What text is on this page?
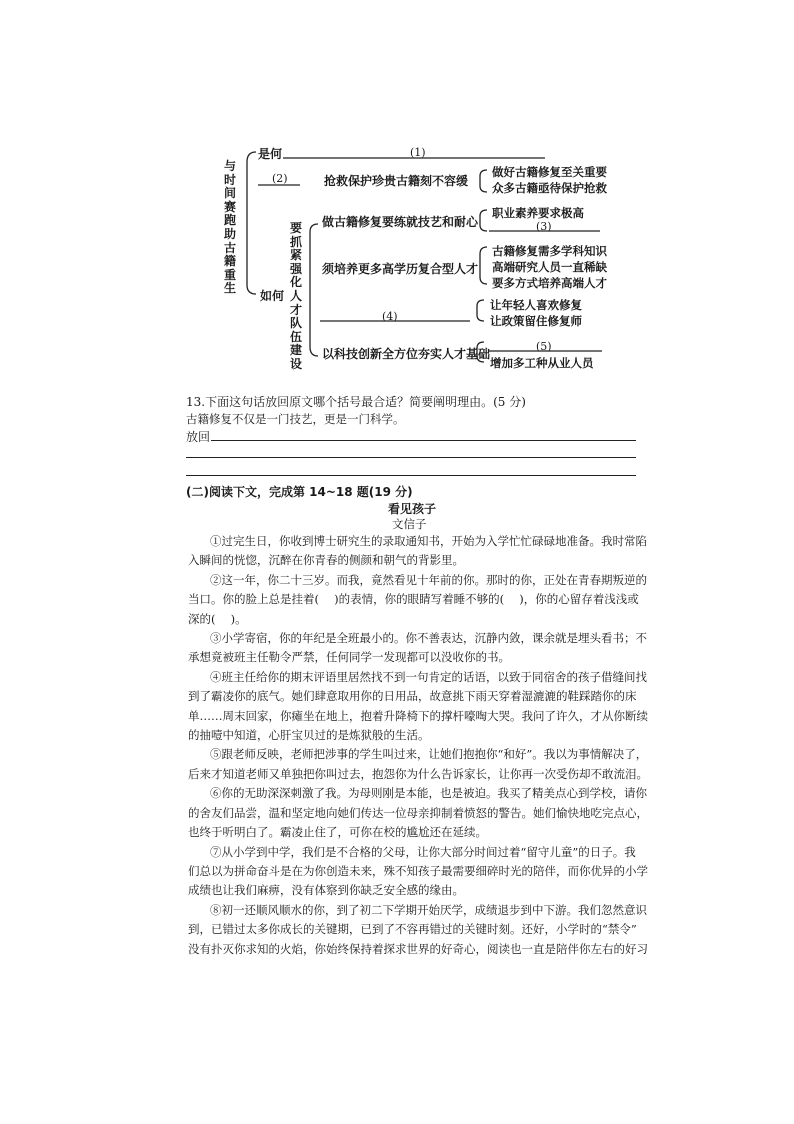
与时间赛跑助古籍重生
是何	(1)
(2)	抢救保护珍贵古籍刻不容缓
做好古籍修复至关重要
众多古籍亟待保护抢救
要抓紧强化人才队伍建设
如何
做古籍修复要练就技艺和耐心
职业素养要求极高
(3)
须培养更多高学历复合型人才
古籍修复需多学科知识
高端研究人员一直稀缺
要多方式培养高端人才
(4)
让年轻人喜欢修复
让政策留住修复师
以科技创新全方位夯实人才基础
(5)
增加多工种从业人员
13.下面这句话放回原文哪个括号最合适？简要阐明理由。(5 分)
古籍修复不仅是一门技艺，更是一门科学。
放回
(二)阅读下文，完成第 14~18 题(19 分)
看见孩子
文信子
①过完生日，你收到博士研究生的录取通知书，开始为入学忙忙碌碌地准备。我时常陷
入瞬间的恍惚，沉醉在你青春的侧颜和朝气的背影里。
②这一年，你二十三岁。而我，竟然看见十年前的你。那时的你，正处在青春期叛逆的
当口。你的脸上总是挂着(　 )的表情，你的眼睛写着睡不够的(　 )，你的心留存着浅浅或
深的(　 )。
③小学寄宿，你的年纪是全班最小的。你不善表达，沉静内敛，课余就是埋头看书；不
承想竟被班主任勒令严禁，任何同学一发现都可以没收你的书。
④班主任给你的期末评语里居然找不到一句肯定的话语，以致于同宿舍的孩子借缝间找
到了霸凌你的底气。她们肆意取用你的日用品，故意挑下雨天穿着湿漉漉的鞋踩踏你的床
单……周末回家，你瘫坐在地上，抱着升降椅下的撑杆嚎啕大哭。我问了许久，才从你断续
的抽噎中知道，心肝宝贝过的是炼狱般的生活。
⑤跟老师反映，老师把涉事的学生叫过来，让她们抱抱你“和好”。我以为事情解决了，
后来才知道老师又单独把你叫过去，抱怨你为什么告诉家长，让你再一次受伤却不敢流泪。
⑥你的无助深深刺激了我。为母则刚是本能，也是被迫。我买了精美点心到学校，请你
的舍友们品尝，温和坚定地向她们传达一位母亲抑制着愤怒的警告。她们愉快地吃完点心，
也终于听明白了。霸凌止住了，可你在校的尴尬还在延续。
⑦从小学到中学，我们是不合格的父母，让你大部分时间过着“留守儿童”的日子。我
们总以为拼命奋斗是在为你创造未来，殊不知孩子最需要细碎时光的陪伴，而你优异的小学
成绩也让我们麻痹，没有体察到你缺乏安全感的缘由。
⑧初一还顺风顺水的你，到了初二下学期开始厌学，成绩退步到中下游。我们忽然意识
到，已错过太多你成长的关键期，已到了不容再错过的关键时刻。还好，小学时的“禁令”
没有扑灭你求知的火焰，你始终保持着探求世界的好奇心，阅读也一直是陪伴你左右的好习
